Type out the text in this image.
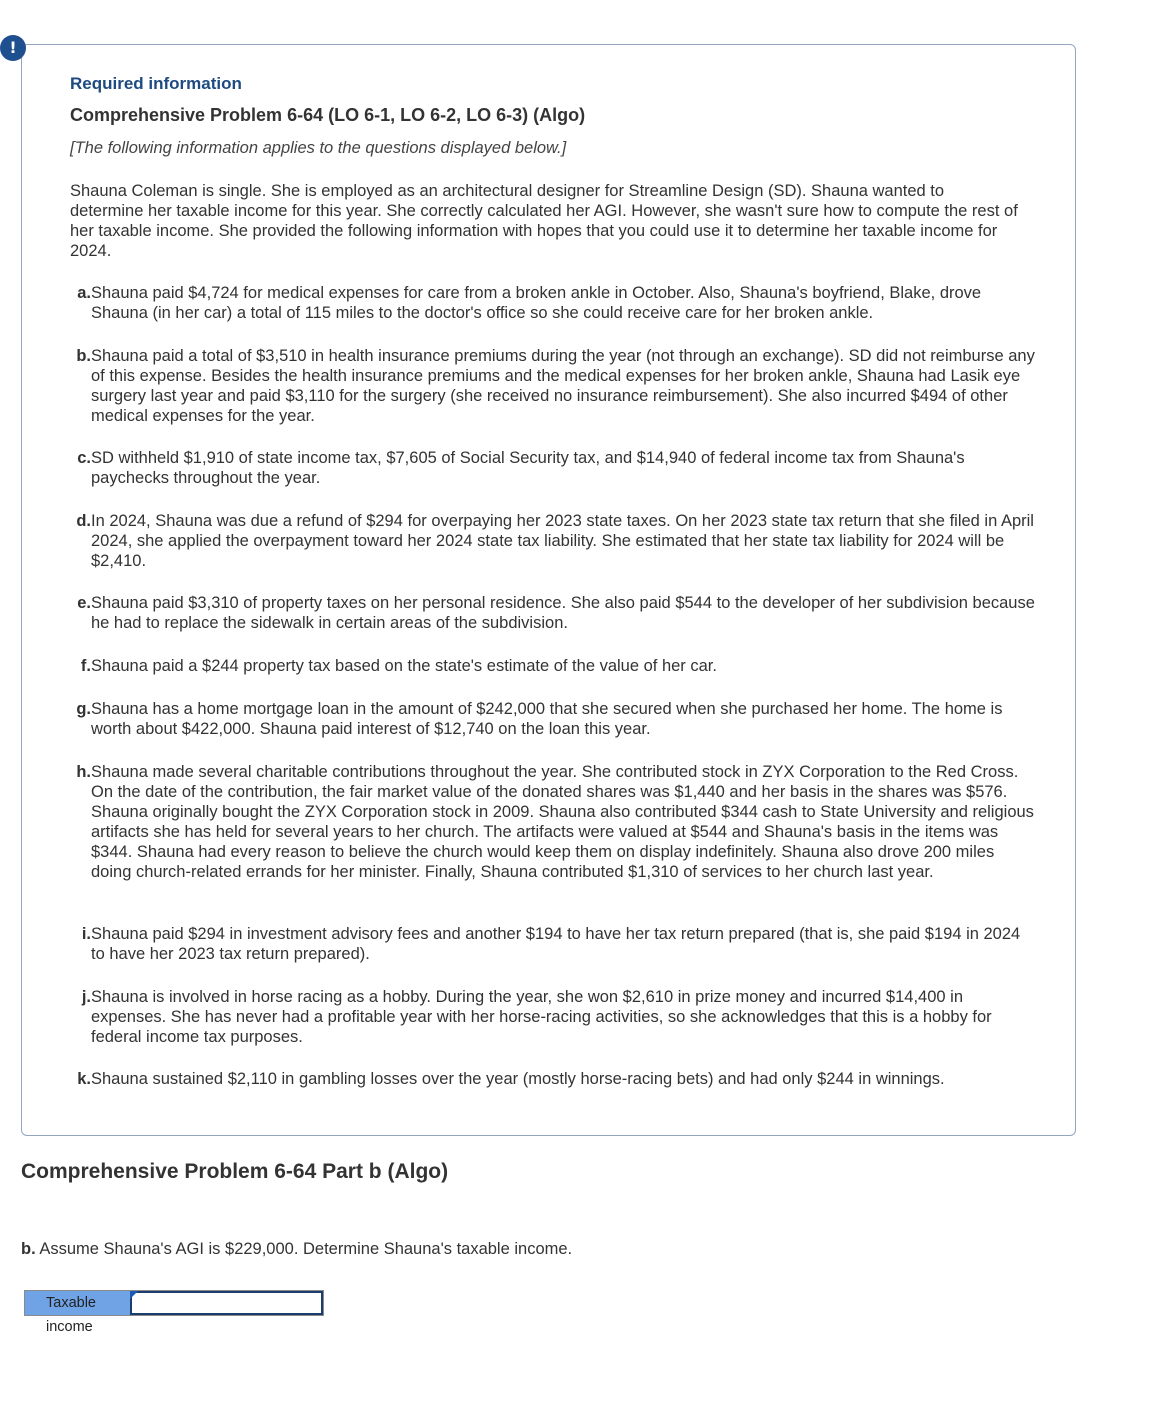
!
Required information
Comprehensive Problem 6-64 (LO 6-1, LO 6-2, LO 6-3) (Algo)
[The following information applies to the questions displayed below.]
Shauna Coleman is single. She is employed as an architectural designer for Streamline Design (SD). Shauna wanted to determine her taxable income for this year. She correctly calculated her AGI. However, she wasn't sure how to compute the rest of her taxable income. She provided the following information with hopes that you could use it to determine her taxable income for 2024.
a. Shauna paid $4,724 for medical expenses for care from a broken ankle in October. Also, Shauna's boyfriend, Blake, drove Shauna (in her car) a total of 115 miles to the doctor's office so she could receive care for her broken ankle.
b. Shauna paid a total of $3,510 in health insurance premiums during the year (not through an exchange). SD did not reimburse any of this expense. Besides the health insurance premiums and the medical expenses for her broken ankle, Shauna had Lasik eye surgery last year and paid $3,110 for the surgery (she received no insurance reimbursement). She also incurred $494 of other medical expenses for the year.
c. SD withheld $1,910 of state income tax, $7,605 of Social Security tax, and $14,940 of federal income tax from Shauna's paychecks throughout the year.
d. In 2024, Shauna was due a refund of $294 for overpaying her 2023 state taxes. On her 2023 state tax return that she filed in April 2024, she applied the overpayment toward her 2024 state tax liability. She estimated that her state tax liability for 2024 will be $2,410.
e. Shauna paid $3,310 of property taxes on her personal residence. She also paid $544 to the developer of her subdivision because he had to replace the sidewalk in certain areas of the subdivision.
f. Shauna paid a $244 property tax based on the state's estimate of the value of her car.
g. Shauna has a home mortgage loan in the amount of $242,000 that she secured when she purchased her home. The home is worth about $422,000. Shauna paid interest of $12,740 on the loan this year.
h. Shauna made several charitable contributions throughout the year. She contributed stock in ZYX Corporation to the Red Cross. On the date of the contribution, the fair market value of the donated shares was $1,440 and her basis in the shares was $576. Shauna originally bought the ZYX Corporation stock in 2009. Shauna also contributed $344 cash to State University and religious artifacts she has held for several years to her church. The artifacts were valued at $544 and Shauna's basis in the items was $344. Shauna had every reason to believe the church would keep them on display indefinitely. Shauna also drove 200 miles doing church-related errands for her minister. Finally, Shauna contributed $1,310 of services to her church last year.
i. Shauna paid $294 in investment advisory fees and another $194 to have her tax return prepared (that is, she paid $194 in 2024 to have her 2023 tax return prepared).
j. Shauna is involved in horse racing as a hobby. During the year, she won $2,610 in prize money and incurred $14,400 in expenses. She has never had a profitable year with her horse-racing activities, so she acknowledges that this is a hobby for federal income tax purposes.
k. Shauna sustained $2,110 in gambling losses over the year (mostly horse-racing bets) and had only $244 in winnings.
Comprehensive Problem 6-64 Part b (Algo)
b. Assume Shauna's AGI is $229,000. Determine Shauna's taxable income.
Taxable income
